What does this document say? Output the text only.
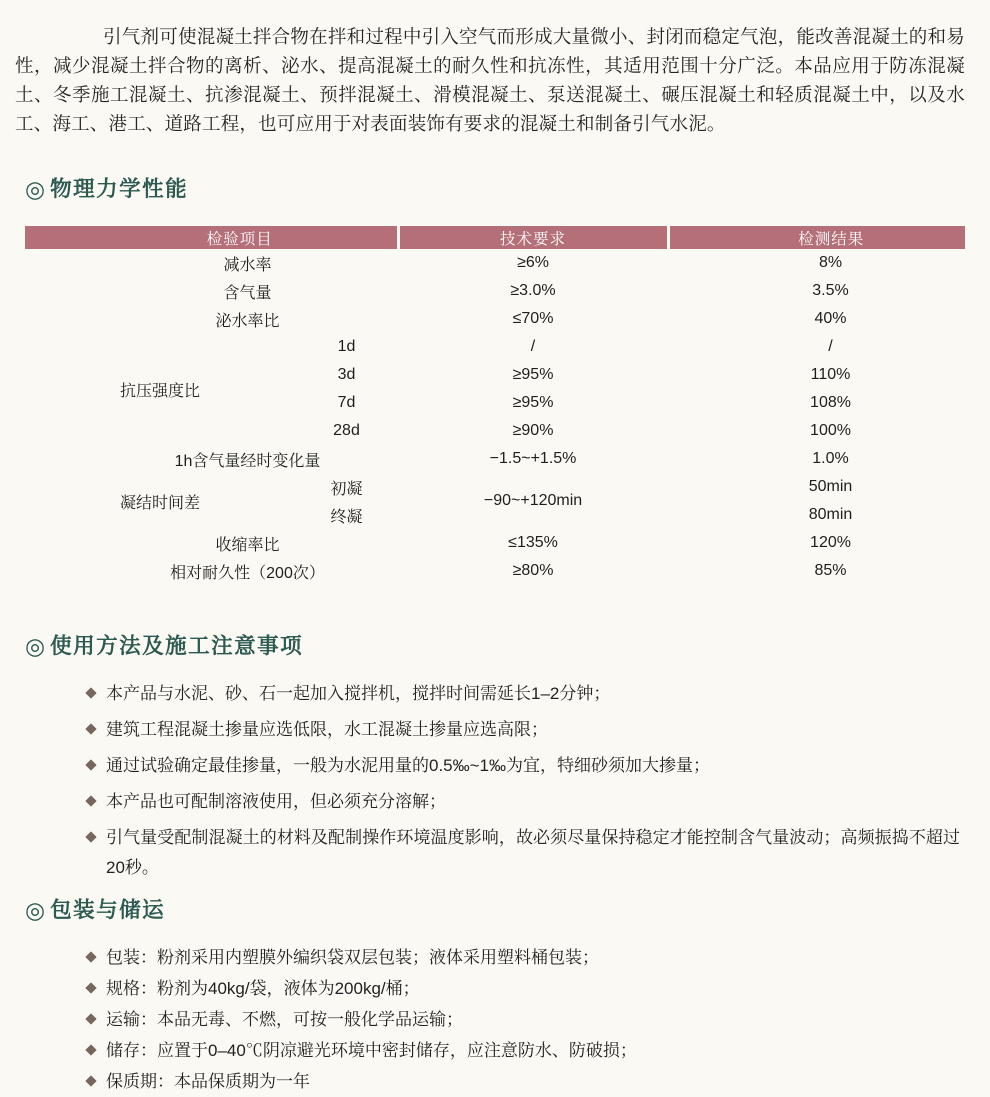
引气剂可使混凝土拌合物在拌和过程中引入空气而形成大量微小、封闭而稳定气泡，能改善混凝土的和易性，减少混凝土拌合物的离析、泌水、提高混凝土的耐久性和抗冻性，其适用范围十分广泛。本品应用于防冻混凝土、冬季施工混凝土、抗渗混凝土、预拌混凝土、滑模混凝土、泵送混凝土、碾压混凝土和轻质混凝土中，以及水工、海工、港工、道路工程，也可应用于对表面装饰有要求的混凝土和制备引气水泥。

◎ 物理力学性能
检验项目		技术要求	检测结果
减水率		≥6%	8%
含气量		≥3.0%	3.5%
泌水率比		≤70%	40%
抗压强度比	1d	/	/
	3d	≥95%	110%
	7d	≥95%	108%
	28d	≥90%	100%
1h含气量经时变化量		−1.5~+1.5%	1.0%
凝结时间差	初凝	−90~+120min	50min
	终凝		80min
收缩率比		≤135%	120%
相对耐久性（200次）		≥80%	85%
◎ 使用方法及施工注意事项
本产品与水泥、砂、石一起加入搅拌机，搅拌时间需延长1–2分钟；
建筑工程混凝土掺量应选低限，水工混凝土掺量应选高限；
通过试验确定最佳掺量，一般为水泥用量的0.5‰~1‰为宜，特细砂须加大掺量；
本产品也可配制溶液使用，但必须充分溶解；
引气量受配制混凝土的材料及配制操作环境温度影响，故必须尽量保持稳定才能控制含气量波动；高频振捣不超过20秒。
◎ 包装与储运
包装：粉剂采用内塑膜外编织袋双层包装；液体采用塑料桶包装；
规格：粉剂为40kg/袋，液体为200kg/桶；
运输：本品无毒、不燃，可按一般化学品运输；
储存：应置于0–40℃阴凉避光环境中密封储存，应注意防水、防破损；
保质期：本品保质期为一年
